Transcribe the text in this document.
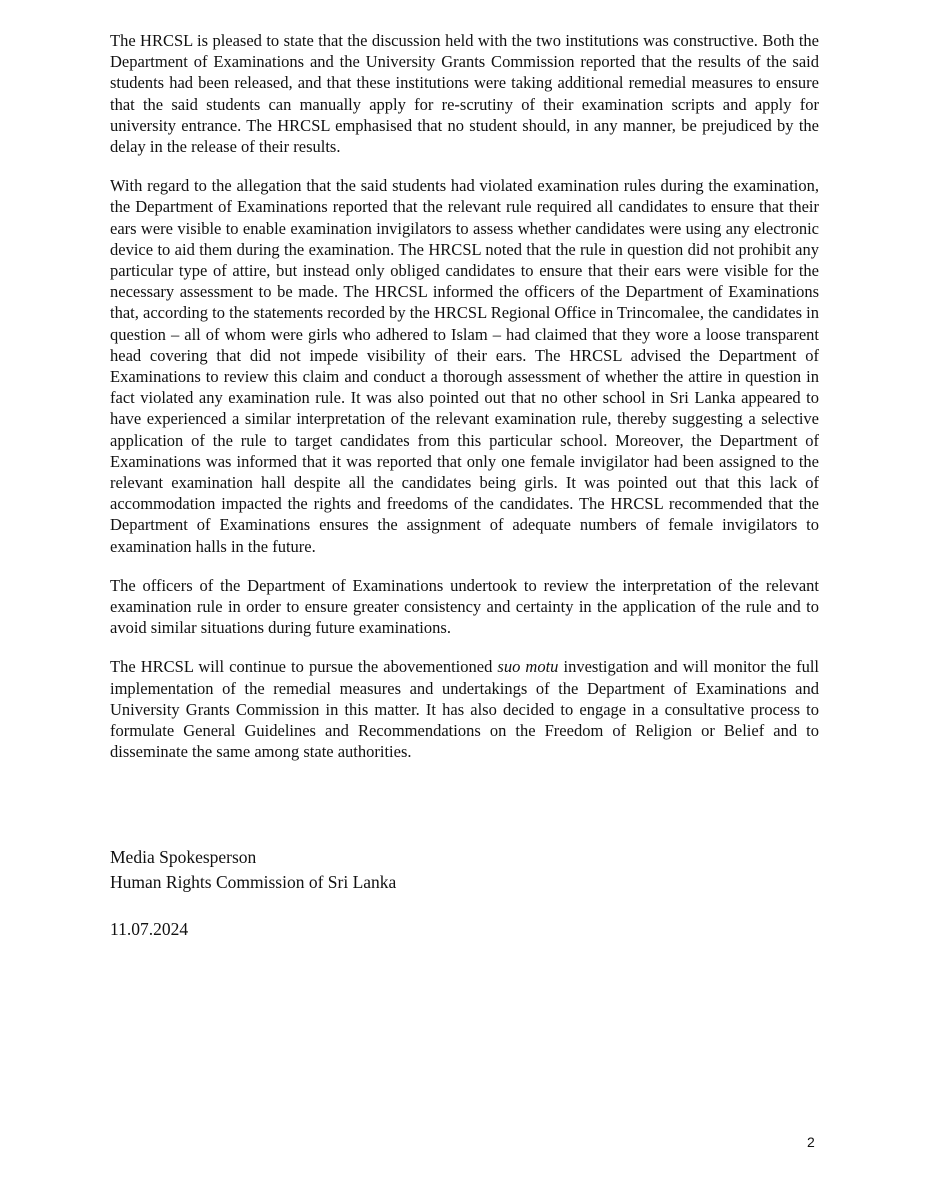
The HRCSL is pleased to state that the discussion held with the two institutions was constructive. Both the Department of Examinations and the University Grants Commission reported that the results of the said students had been released, and that these institutions were taking additional remedial measures to ensure that the said students can manually apply for re-scrutiny of their examination scripts and apply for university entrance. The HRCSL emphasised that no student should, in any manner, be prejudiced by the delay in the release of their results.

With regard to the allegation that the said students had violated examination rules during the examination, the Department of Examinations reported that the relevant rule required all candidates to ensure that their ears were visible to enable examination invigilators to assess whether candidates were using any electronic device to aid them during the examination. The HRCSL noted that the rule in question did not prohibit any particular type of attire, but instead only obliged candidates to ensure that their ears were visible for the necessary assessment to be made. The HRCSL informed the officers of the Department of Examinations that, according to the statements recorded by the HRCSL Regional Office in Trincomalee, the candidates in question – all of whom were girls who adhered to Islam – had claimed that they wore a loose transparent head covering that did not impede visibility of their ears. The HRCSL advised the Department of Examinations to review this claim and conduct a thorough assessment of whether the attire in question in fact violated any examination rule. It was also pointed out that no other school in Sri Lanka appeared to have experienced a similar interpretation of the relevant examination rule, thereby suggesting a selective application of the rule to target candidates from this particular school. Moreover, the Department of Examinations was informed that it was reported that only one female invigilator had been assigned to the relevant examination hall despite all the candidates being girls. It was pointed out that this lack of accommodation impacted the rights and freedoms of the candidates. The HRCSL recommended that the Department of Examinations ensures the assignment of adequate numbers of female invigilators to examination halls in the future.

The officers of the Department of Examinations undertook to review the interpretation of the relevant examination rule in order to ensure greater consistency and certainty in the application of the rule and to avoid similar situations during future examinations.

The HRCSL will continue to pursue the abovementioned suo motu investigation and will monitor the full implementation of the remedial measures and undertakings of the Department of Examinations and University Grants Commission in this matter. It has also decided to engage in a consultative process to formulate General Guidelines and Recommendations on the Freedom of Religion or Belief and to disseminate the same among state authorities.

Media Spokesperson
Human Rights Commission of Sri Lanka
11.07.2024
2
